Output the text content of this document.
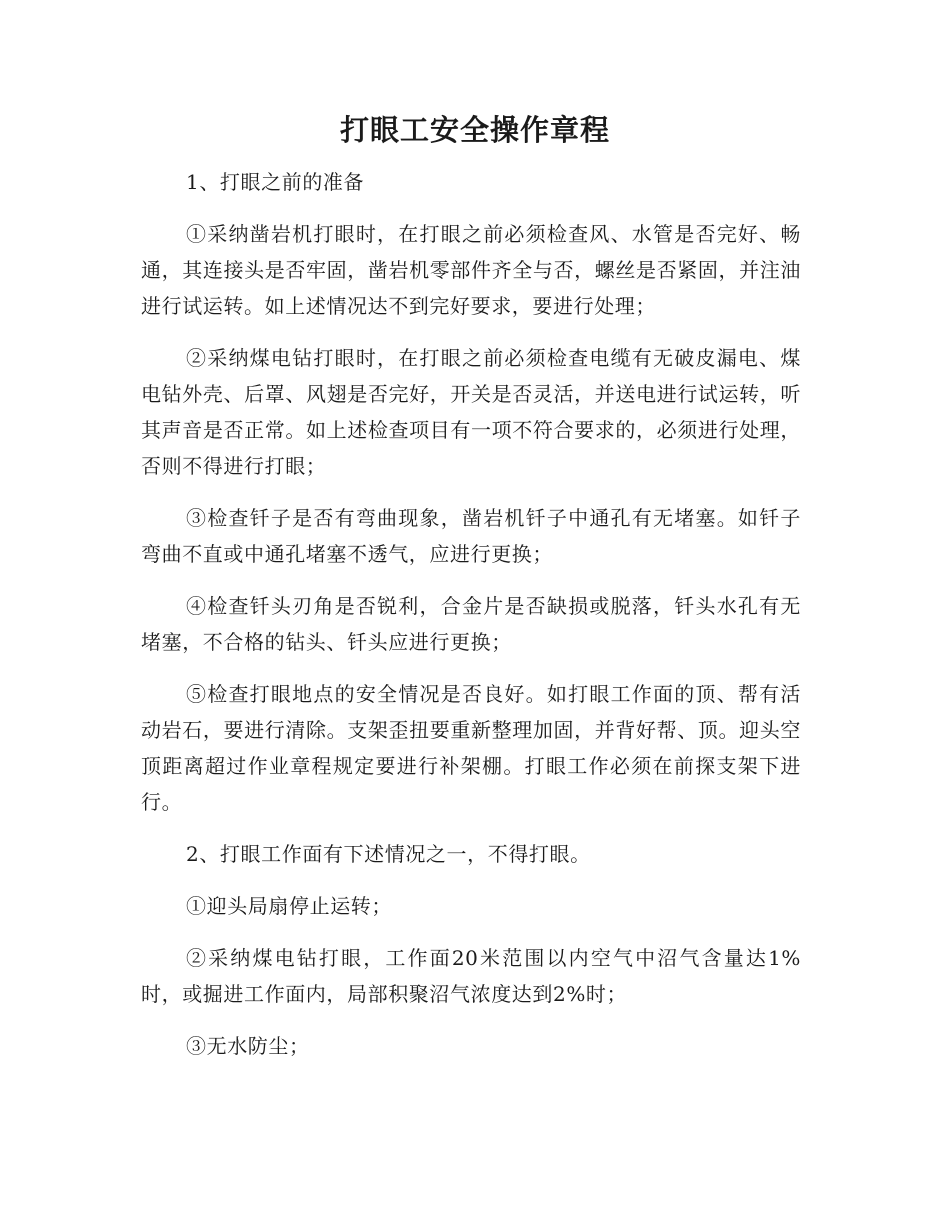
打眼工安全操作章程

1、打眼之前的准备

①采纳凿岩机打眼时，在打眼之前必须检查风、水管是否完好、畅通，其连接头是否牢固，凿岩机零部件齐全与否，螺丝是否紧固，并注油进行试运转。如上述情况达不到完好要求，要进行处理；

②采纳煤电钻打眼时，在打眼之前必须检查电缆有无破皮漏电、煤电钻外壳、后罩、风翅是否完好，开关是否灵活，并送电进行试运转，听其声音是否正常。如上述检查项目有一项不符合要求的，必须进行处理，否则不得进行打眼；

③检查钎子是否有弯曲现象，凿岩机钎子中通孔有无堵塞。如钎子弯曲不直或中通孔堵塞不透气，应进行更换；

④检查钎头刃角是否锐利，合金片是否缺损或脱落，钎头水孔有无堵塞，不合格的钻头、钎头应进行更换；

⑤检查打眼地点的安全情况是否良好。如打眼工作面的顶、帮有活动岩石，要进行清除。支架歪扭要重新整理加固，并背好帮、顶。迎头空顶距离超过作业章程规定要进行补架棚。打眼工作必须在前探支架下进行。

2、打眼工作面有下述情况之一，不得打眼。

①迎头局扇停止运转；

②采纳煤电钻打眼，工作面20米范围以内空气中沼气含量达1%时，或掘进工作面内，局部积聚沼气浓度达到2%时；

③无水防尘；
